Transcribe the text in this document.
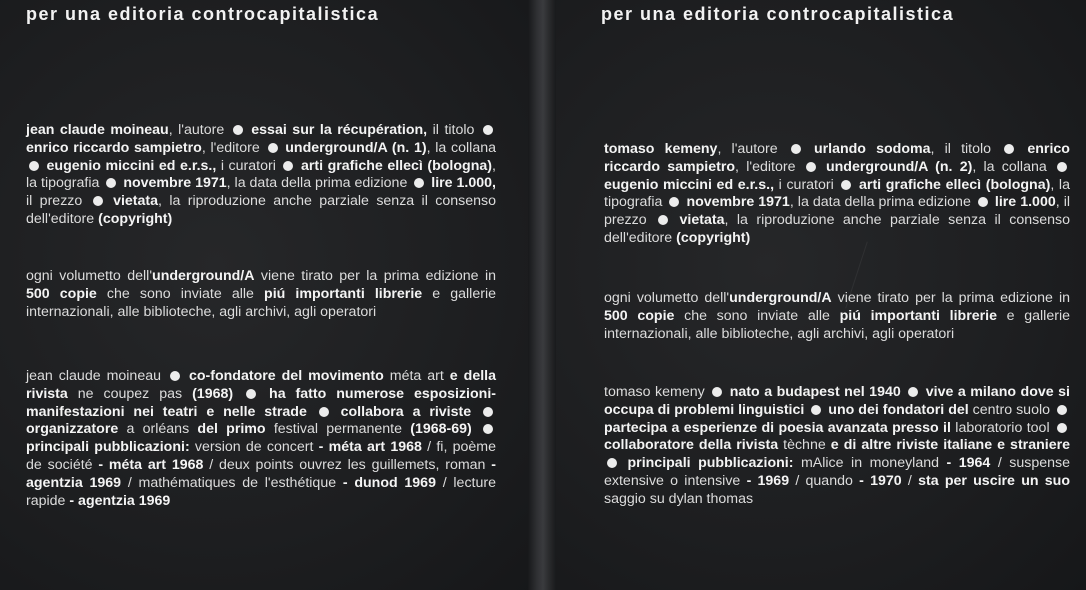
per una editoria controcapitalistica

jean claude moineau, l'autore essai sur la récupération, il titolo  enrico riccardo sampietro, l'editore underground/A (n. 1), la collana  eugenio miccini ed e.r.s., i curatori arti grafiche ellecì (bologna), la tipografia novembre 1971, la data della prima edizione lire 1.000, il prezzo vietata, la riproduzione anche parziale senza il consenso dell'editore (copyright)

ogni volumetto dell'underground/A viene tirato per la prima edizione in 500 copie che sono inviate alle piú importanti librerie e gallerie internazionali, alle biblioteche, agli archivi, agli operatori

jean claude moineau co-fondatore del movimento méta art e della rivista ne coupez pas (1968)	ha fatto numerose esposizioni-manifestazioni nei teatri e nelle strade collabora a riviste  organizzatore a orléans del primo festival permanente (1968-69)  principali pubblicazioni: version de concert - méta art 1968 / fi, poème de société - méta art 1968 / deux points ouvrez les guillemets, roman - agentzia 1969 / mathématiques de l'esthétique - dunod 1969 / lecture rapide - agentzia 1969

per una editoria controcapitalistica

tomaso kemeny, l'autore	urlando sodoma, il titolo	enrico riccardo sampietro, l'editore underground/A (n. 2), la collana  eugenio miccini ed e.r.s., i curatori arti grafiche ellecì (bologna), la tipografia novembre 1971, la data della prima edizione lire 1.000, il prezzo vietata, la riproduzione anche parziale senza il consenso dell'editore (copyright)

ogni volumetto dell'underground/A viene tirato per la prima edizione in 500 copie che sono inviate alle piú importanti librerie e gallerie internazionali, alle biblioteche, agli archivi, agli operatori

tomaso kemeny nato a budapest nel 1940 vive a milano dove si occupa di problemi linguistici uno dei fondatori del centro suolo  partecipa a esperienze di poesia avanzata presso il laboratorio tool  collaboratore della rivista tèchne e di altre riviste italiane e straniere  principali pubblicazioni: mAlice in moneyland - 1964 / suspense extensive o intensive - 1969 / quando - 1970 / sta per uscire un suo saggio su dylan thomas
